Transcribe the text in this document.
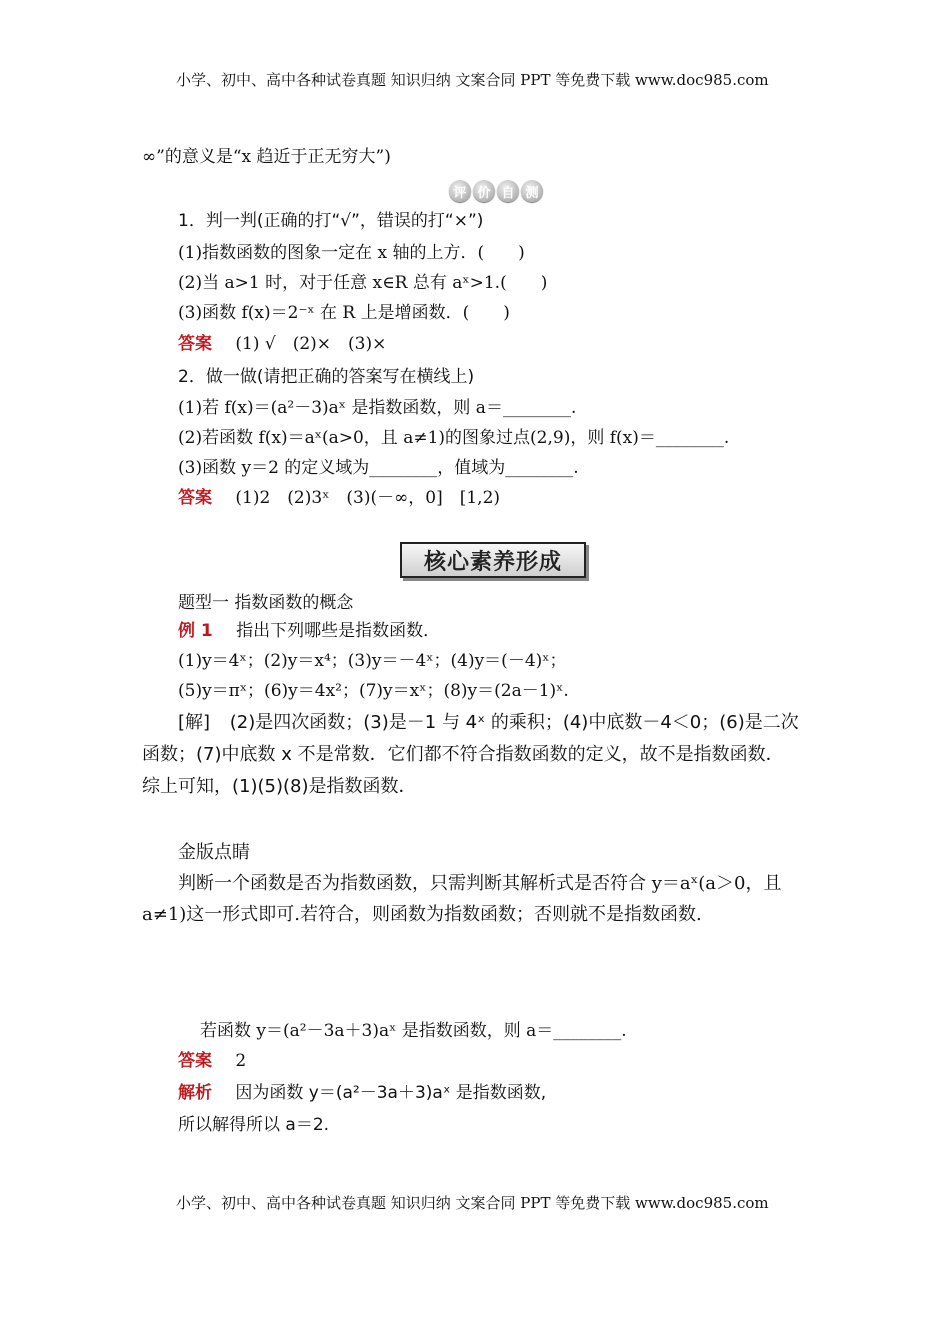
小学、初中、高中各种试卷真题 知识归纳 文案合同 PPT 等免费下载 www.doc985.com
∞”的意义是“x 趋近于正无穷大”)
评 价 自 测
1．判一判(正确的打“√”，错误的打“×”)
(1)指数函数的图象一定在 x 轴的上方．(　　)
(2)当 a>1 时，对于任意 x∈R 总有 aˣ>1.(　　)
(3)函数 f(x)＝2⁻ˣ 在 R 上是增函数．(　　)
答案 (1) √　(2)×　(3)×
2．做一做(请把正确的答案写在横线上)
(1)若 f(x)＝(a²－3)aˣ 是指数函数，则 a＝________.
(2)若函数 f(x)＝aˣ(a>0，且 a≠1)的图象过点(2,9)，则 f(x)＝________.
(3)函数 y＝2 的定义域为________，值域为________.
答案 (1)2　(2)3ˣ　(3)(－∞，0]　[1,2)
核心素养形成
题型一 指数函数的概念
例 1 指出下列哪些是指数函数．
(1)y＝4ˣ；(2)y＝x⁴；(3)y＝－4ˣ；(4)y＝(－4)ˣ；
(5)y＝πˣ；(6)y＝4x²；(7)y＝xˣ；(8)y＝(2a－1)ˣ.
[解] (2)是四次函数；(3)是－1 与 4ˣ 的乘积；(4)中底数－4＜0；(6)是二次
函数；(7)中底数 x 不是常数．它们都不符合指数函数的定义，故不是指数函数．
综上可知，(1)(5)(8)是指数函数．
金版点睛
判断一个函数是否为指数函数，只需判断其解析式是否符合 y＝aˣ(a＞0，且
a≠1)这一形式即可.若符合，则函数为指数函数；否则就不是指数函数.
若函数 y＝(a²－3a＋3)aˣ 是指数函数，则 a＝________.
答案 2
解析 因为函数 y＝(a²－3a＋3)aˣ 是指数函数,
所以解得所以 a＝2.
小学、初中、高中各种试卷真题 知识归纳 文案合同 PPT 等免费下载 www.doc985.com
